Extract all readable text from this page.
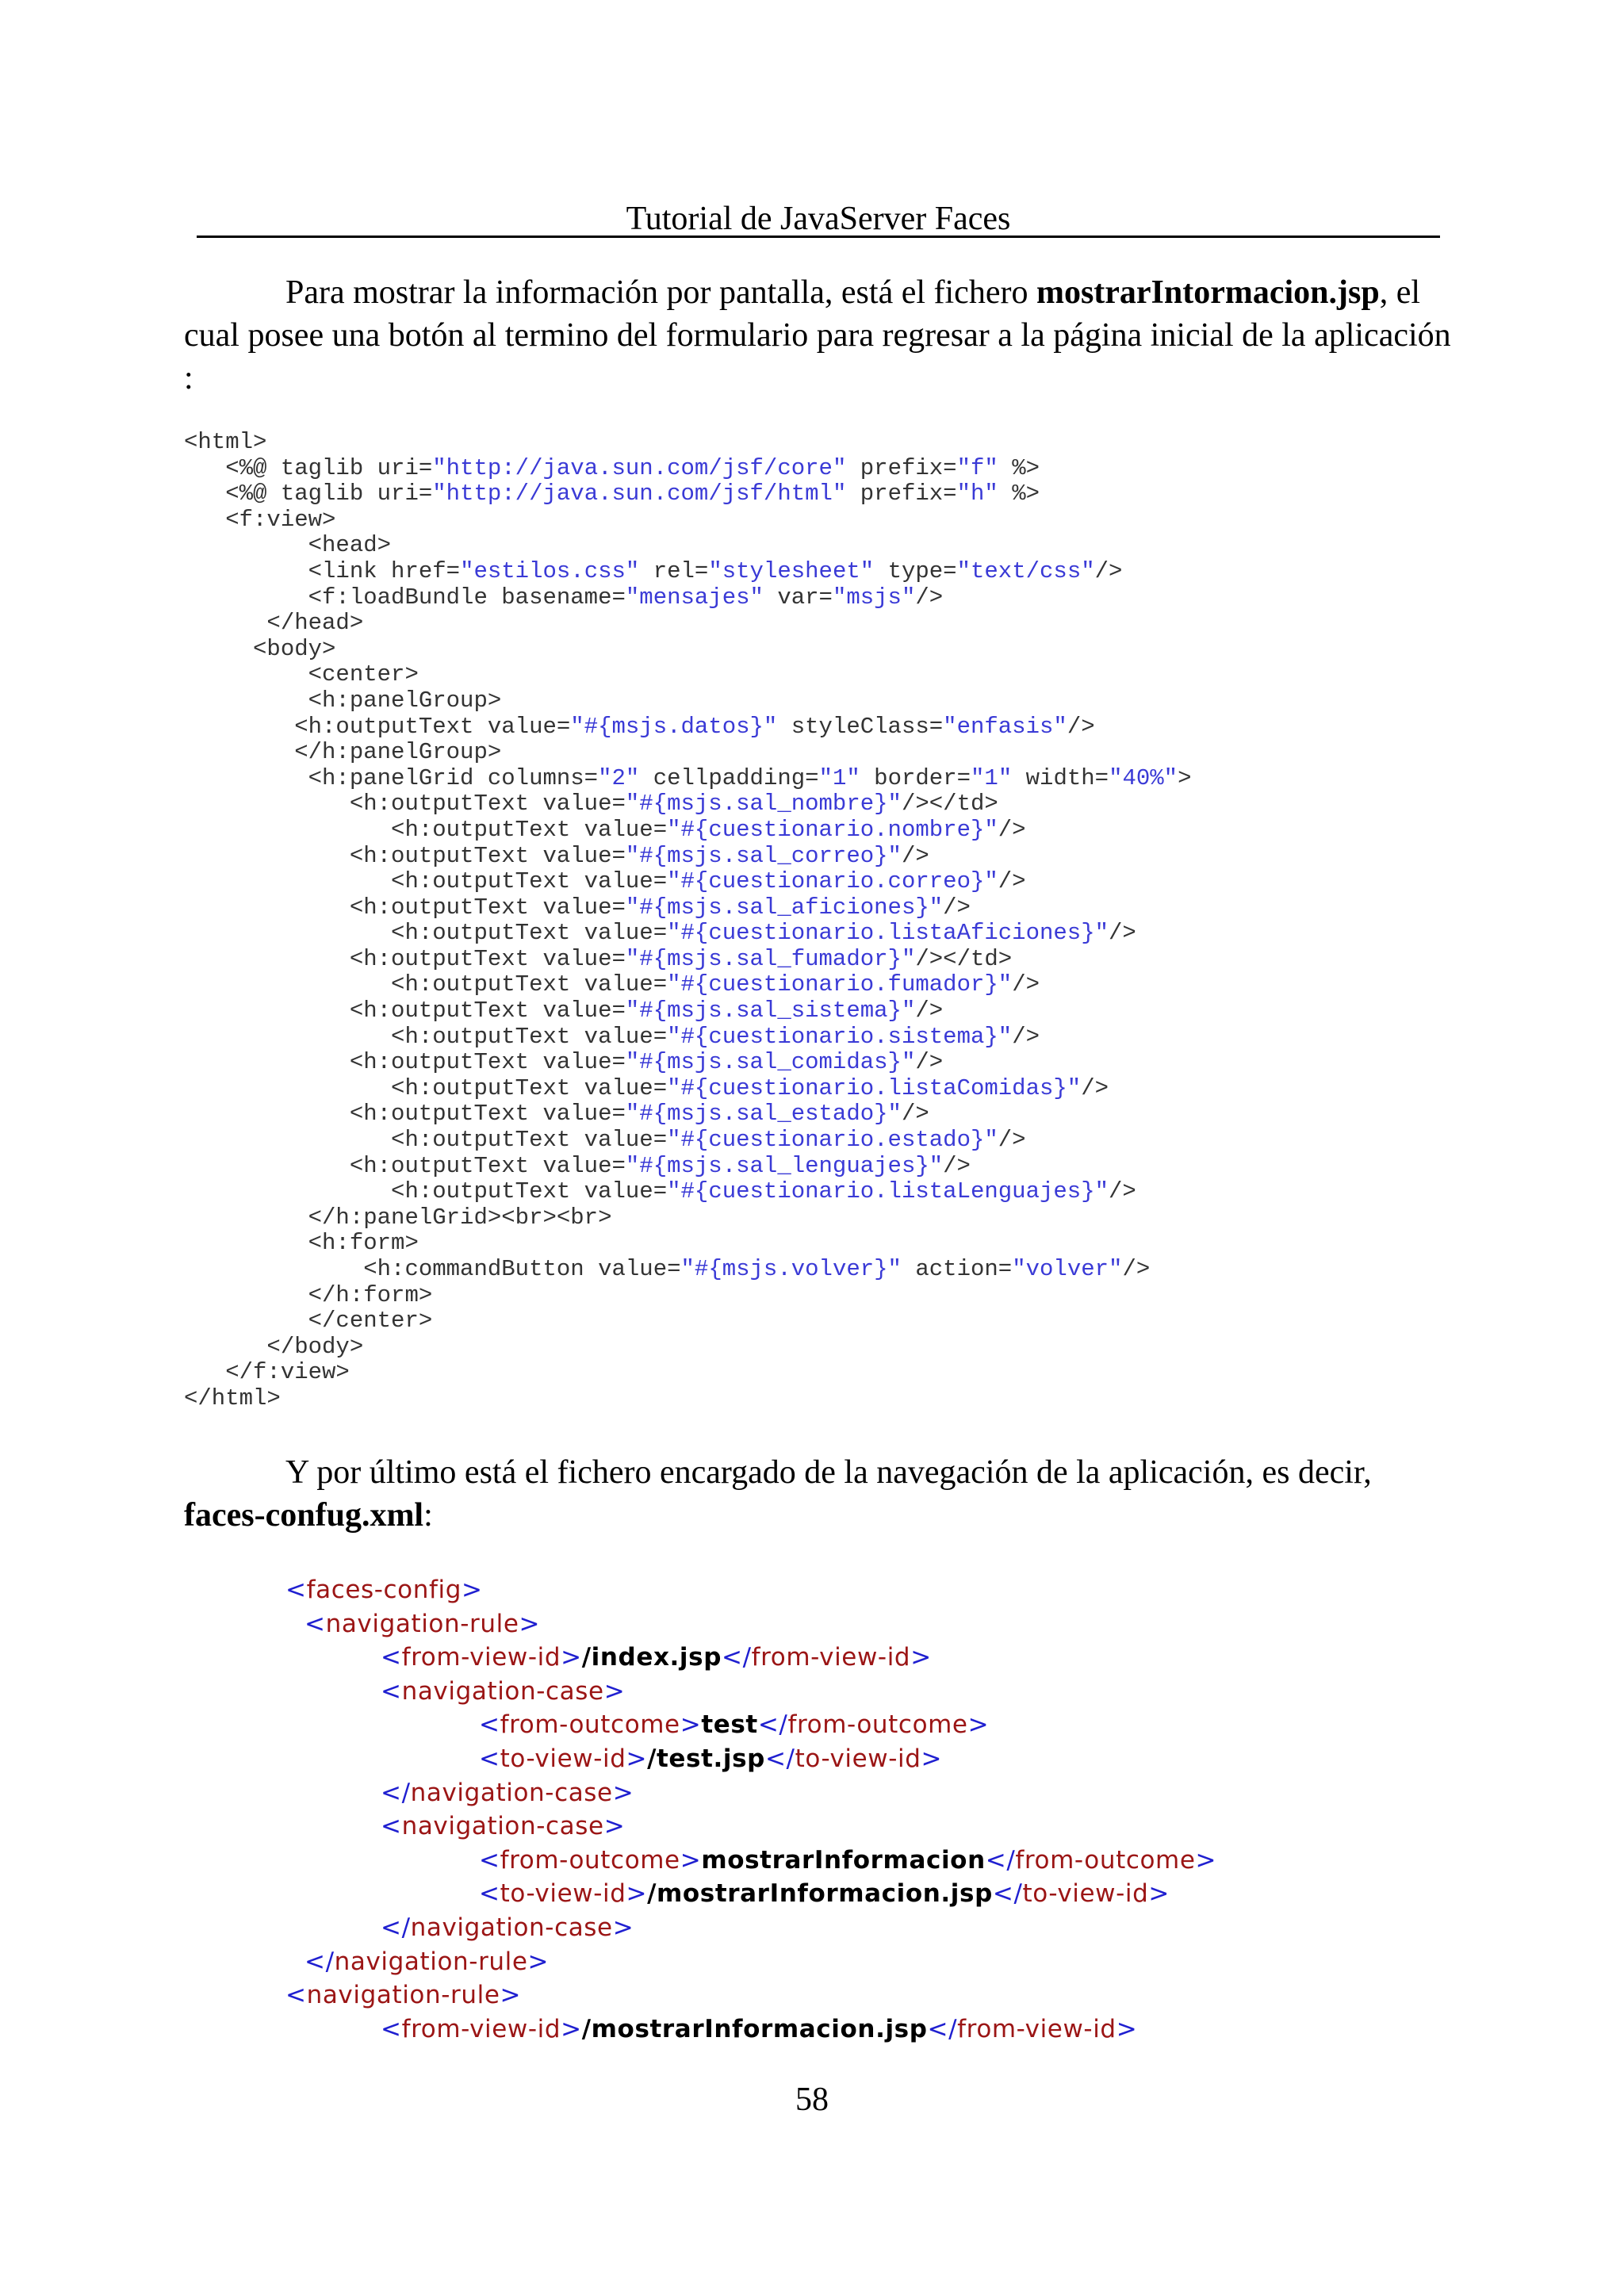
Tutorial de JavaServer Faces

Para mostrar la información por pantalla, está el fichero mostrarIntormacion.jsp, el cual posee una botón al termino del formulario para regresar a la página inicial de la aplicación :

<html>
<%@ taglib uri="http://java.sun.com/jsf/core" prefix="f" %>
<%@ taglib uri="http://java.sun.com/jsf/html" prefix="h" %>
<f:view>
<head>
<link href="estilos.css" rel="stylesheet" type="text/css"/>
<f:loadBundle basename="mensajes" var="msjs"/>
</head>
<body>
<center>
<h:panelGroup>
<h:outputText value="#{msjs.datos}" styleClass="enfasis"/>
</h:panelGroup>
<h:panelGrid columns="2" cellpadding="1" border="1" width="40%">
<h:outputText value="#{msjs.sal_nombre}"/></td>
<h:outputText value="#{cuestionario.nombre}"/>
<h:outputText value="#{msjs.sal_correo}"/>
<h:outputText value="#{cuestionario.correo}"/>
<h:outputText value="#{msjs.sal_aficiones}"/>
<h:outputText value="#{cuestionario.listaAficiones}"/>
<h:outputText value="#{msjs.sal_fumador}"/></td>
<h:outputText value="#{cuestionario.fumador}"/>
<h:outputText value="#{msjs.sal_sistema}"/>
<h:outputText value="#{cuestionario.sistema}"/>
<h:outputText value="#{msjs.sal_comidas}"/>
<h:outputText value="#{cuestionario.listaComidas}"/>
<h:outputText value="#{msjs.sal_estado}"/>
<h:outputText value="#{cuestionario.estado}"/>
<h:outputText value="#{msjs.sal_lenguajes}"/>
<h:outputText value="#{cuestionario.listaLenguajes}"/>
</h:panelGrid><br><br>
<h:form>
<h:commandButton value="#{msjs.volver}" action="volver"/>
</h:form>
</center>
</body>
</f:view>
</html>

Y por último está el fichero encargado de la navegación de la aplicación, es decir, faces-confug.xml:

<faces-config>
<navigation-rule>
<from-view-id>/index.jsp</from-view-id>
<navigation-case>
<from-outcome>test</from-outcome>
<to-view-id>/test.jsp</to-view-id>
</navigation-case>
<navigation-case>
<from-outcome>mostrarInformacion</from-outcome>
<to-view-id>/mostrarInformacion.jsp</to-view-id>
</navigation-case>
</navigation-rule>
<navigation-rule>
<from-view-id>/mostrarInformacion.jsp</from-view-id>
58
